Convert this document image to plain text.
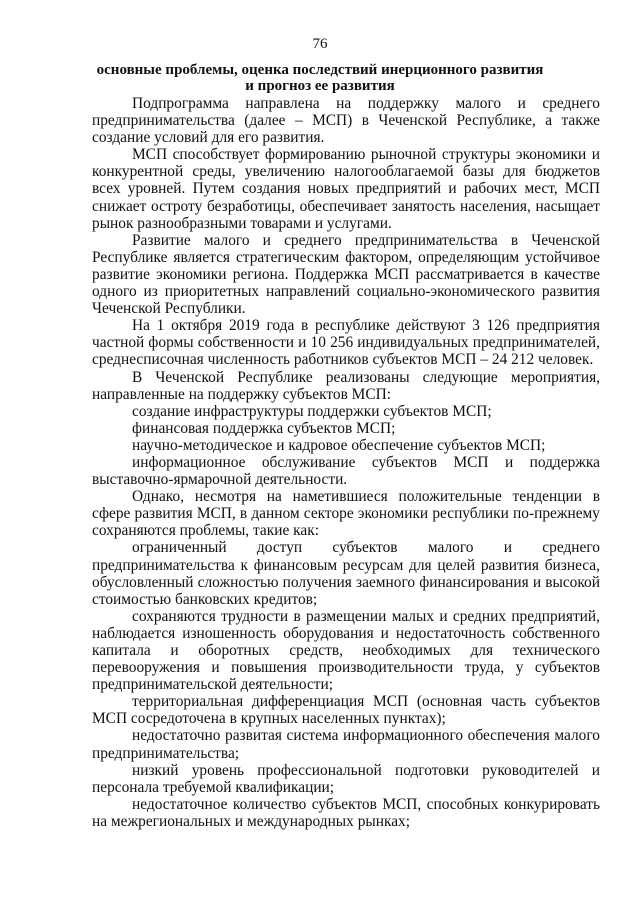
76
основные проблемы, оценка последствий инерционного развития и прогноз ее развития

Подпрограмма направлена на поддержку малого и среднего предпринимательства (далее – МСП) в Чеченской Республике, а также создание условий для его развития.

МСП способствует формированию рыночной структуры экономики и конкурентной среды, увеличению налогооблагаемой базы для бюджетов всех уровней. Путем создания новых предприятий и рабочих мест, МСП снижает остроту безработицы, обеспечивает занятость населения, насыщает рынок разнообразными товарами и услугами.

Развитие малого и среднего предпринимательства в Чеченской Республике является стратегическим фактором, определяющим устойчивое развитие экономики региона. Поддержка МСП рассматривается в качестве одного из приоритетных направлений социально-экономического развития Чеченской Республики.

На 1 октября 2019 года в республике действуют 3 126 предприятия частной формы собственности и 10 256 индивидуальных предпринимателей, среднесписочная численность работников субъектов МСП – 24 212 человек.

В Чеченской Республике реализованы следующие мероприятия, направленные на поддержку субъектов МСП:

создание инфраструктуры поддержки субъектов МСП;

финансовая поддержка субъектов МСП;

научно-методическое и кадровое обеспечение субъектов МСП;

информационное обслуживание субъектов МСП и поддержка выставочно-ярмарочной деятельности.

Однако, несмотря на наметившиеся положительные тенденции в сфере развития МСП, в данном секторе экономики республики по-прежнему сохраняются проблемы, такие как:

ограниченный доступ субъектов малого и среднего предпринимательства к финансовым ресурсам для целей развития бизнеса, обусловленный сложностью получения заемного финансирования и высокой стоимостью банковских кредитов;

сохраняются трудности в размещении малых и средних предприятий, наблюдается изношенность оборудования и недостаточность собственного капитала и оборотных средств, необходимых для технического перевооружения и повышения производительности труда, у субъектов предпринимательской деятельности;

территориальная дифференциация МСП (основная часть субъектов МСП сосредоточена в крупных населенных пунктах);

недостаточно развитая система информационного обеспечения малого предпринимательства;

низкий уровень профессиональной подготовки руководителей и персонала требуемой квалификации;

недостаточное количество субъектов МСП, способных конкурировать на межрегиональных и международных рынках;
